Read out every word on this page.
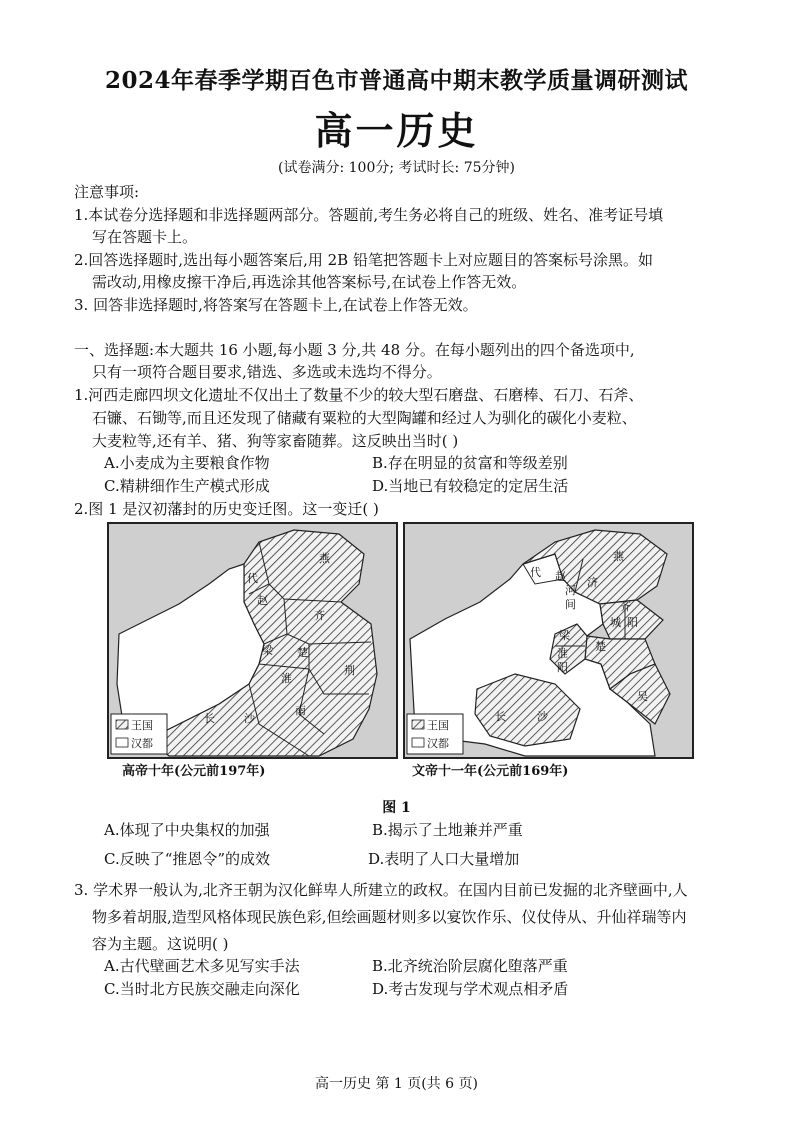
2024年春季学期百色市普通高中期末教学质量调研测试
高一历史
(试卷满分: 100分; 考试时长: 75分钟)
注意事项:
1.本试卷分选择题和非选择题两部分。答题前,考生务必将自己的班级、姓名、准考证号填
写在答题卡上。
2.回答选择题时,选出每小题答案后,用 2B 铅笔把答题卡上对应题目的答案标号涂黑。如
需改动,用橡皮擦干净后,再选涂其他答案标号,在试卷上作答无效。
3. 回答非选择题时,将答案写在答题卡上,在试卷上作答无效。
一、选择题:本大题共 16 小题,每小题 3 分,共 48 分。在每小题列出的四个备选项中,
只有一项符合题目要求,错选、多选或未选均不得分。
1.河西走廊四坝文化遗址不仅出土了数量不少的较大型石磨盘、石磨棒、石刀、石斧、
石镰、石锄等,而且还发现了储藏有粟粒的大型陶罐和经过人为驯化的碳化小麦粒、
大麦粒等,还有羊、猪、狗等家畜随葬。这反映出当时( )
A.小麦成为主要粮食作物	B.存在明显的贫富和等级差别
C.精耕细作生产模式形成	D.当地已有较稳定的定居生活
2.图 1 是汉初藩封的历史变迁图。这一变迁( )
燕
代
赵
齐
梁 楚
淮
荆
南
长	沙
王国
汉都
高帝十年(公元前197年)
燕
代 赵
河
间
济
齐
城 阳
梁
淮
阳
楚
吴
长	沙
王国
汉都
文帝十一年(公元前169年)
图 1
A.体现了中央集权的加强	B.揭示了土地兼并严重
C.反映了“推恩令”的成效	D.表明了人口大量增加
3. 学术界一般认为,北齐王朝为汉化鲜卑人所建立的政权。在国内目前已发掘的北齐壁画中,人
物多着胡服,造型风格体现民族色彩,但绘画题材则多以宴饮作乐、仪仗侍从、升仙祥瑞等内
容为主题。这说明( )
A.古代壁画艺术多见写实手法	B.北齐统治阶层腐化堕落严重
C.当时北方民族交融走向深化	D.考古发现与学术观点相矛盾
高一历史 第 1 页(共 6 页)
